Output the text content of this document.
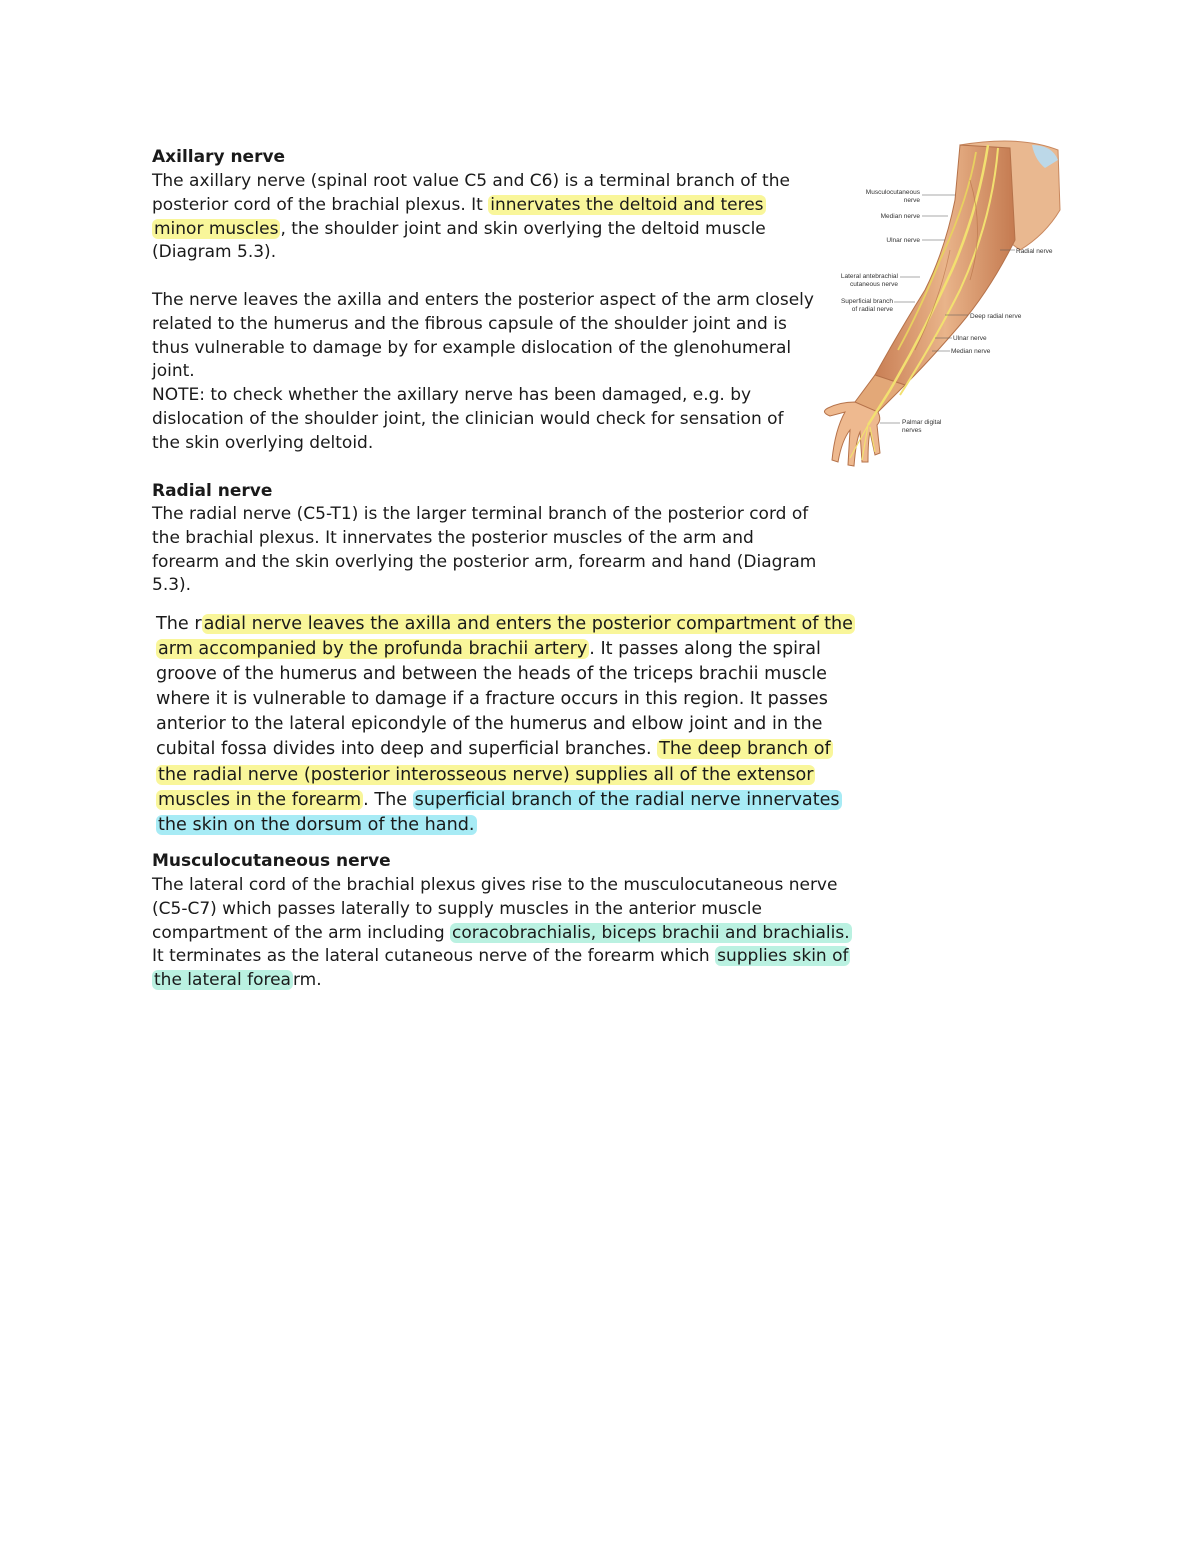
Axillary nerve

The axillary nerve (spinal root value C5 and C6) is a terminal branch of the posterior cord of the brachial plexus. It innervates the deltoid and teres minor muscles , the shoulder joint and skin overlying the deltoid muscle (Diagram 5.3).

The nerve leaves the axilla and enters the posterior aspect of the arm closely related to the humerus and the fibrous capsule of the shoulder joint and is thus vulnerable to damage by for example dislocation of the glenohumeral joint.

NOTE: to check whether the axillary nerve has been damaged, e.g. by dislocation of the shoulder joint, the clinician would check for sensation of the skin overlying deltoid.

Radial nerve

The radial nerve (C5-T1) is the larger terminal branch of the posterior cord of the brachial plexus. It innervates the posterior muscles of the arm and forearm and the skin overlying the posterior arm, forearm and hand (Diagram 5.3).

The r adial nerve leaves the axilla and enters the posterior compartment of the arm accompanied by the profunda brachii artery . It passes along the spiral groove of the humerus and between the heads of the triceps brachii muscle where it is vulnerable to damage if a fracture occurs in this region. It passes anterior to the lateral epicondyle of the humerus and elbow joint and in the cubital fossa divides into deep and superficial branches. The deep branch of the radial nerve (posterior interosseous nerve) supplies all of the extensor muscles in the forearm . The superficial branch of the radial nerve innervates the skin on the dorsum of the hand.

Musculocutaneous nerve

The lateral cord of the brachial plexus gives rise to the musculocutaneous nerve (C5-C7) which passes laterally to supply muscles in the anterior muscle compartment of the arm including coracobrachialis, biceps brachii and brachialis. It terminates as the lateral cutaneous nerve of the forearm which supplies skin of the lateral forea rm.

Musculocutaneous
nerve
Median nerve
Ulnar nerve
Radial nerve
Lateral antebrachial
cutaneous nerve
Superficial branch
of radial nerve
Deep radial nerve
Ulnar nerve
Median nerve
Palmar digital
nerves
